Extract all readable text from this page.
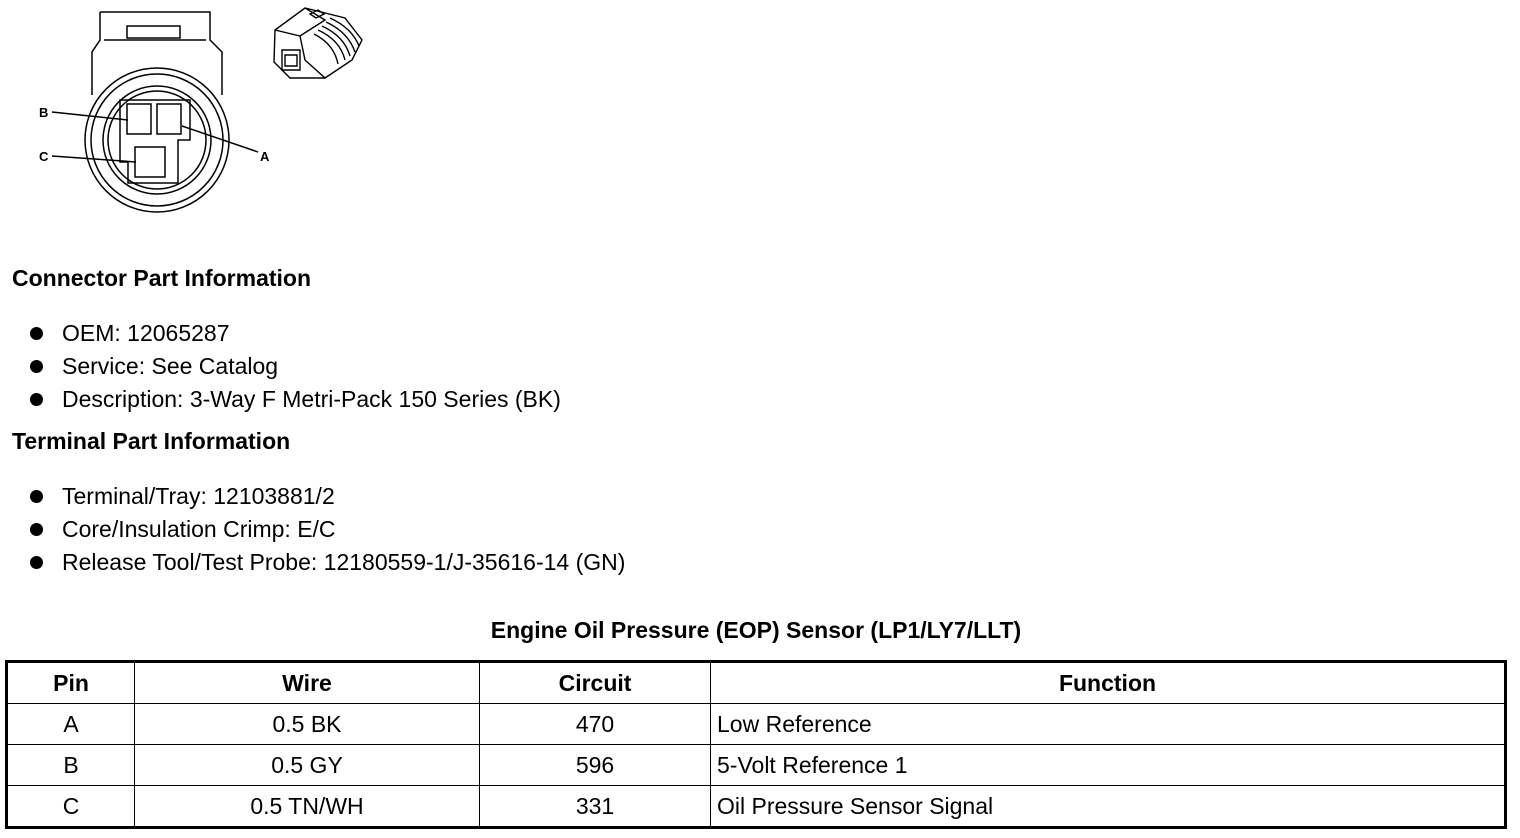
B
C	A
Connector Part Information
OEM: 12065287
Service: See Catalog
Description: 3-Way F Metri-Pack 150 Series (BK)
Terminal Part Information
Terminal/Tray: 12103881/2
Core/Insulation Crimp: E/C
Release Tool/Test Probe: 12180559-1/J-35616-14 (GN)
Engine Oil Pressure (EOP) Sensor (LP1/LY7/LLT)
Pin	Wire	Circuit	Function
A	0.5 BK	470	Low Reference
B	0.5 GY	596	5-Volt Reference 1
C	0.5 TN/WH	331	Oil Pressure Sensor Signal
